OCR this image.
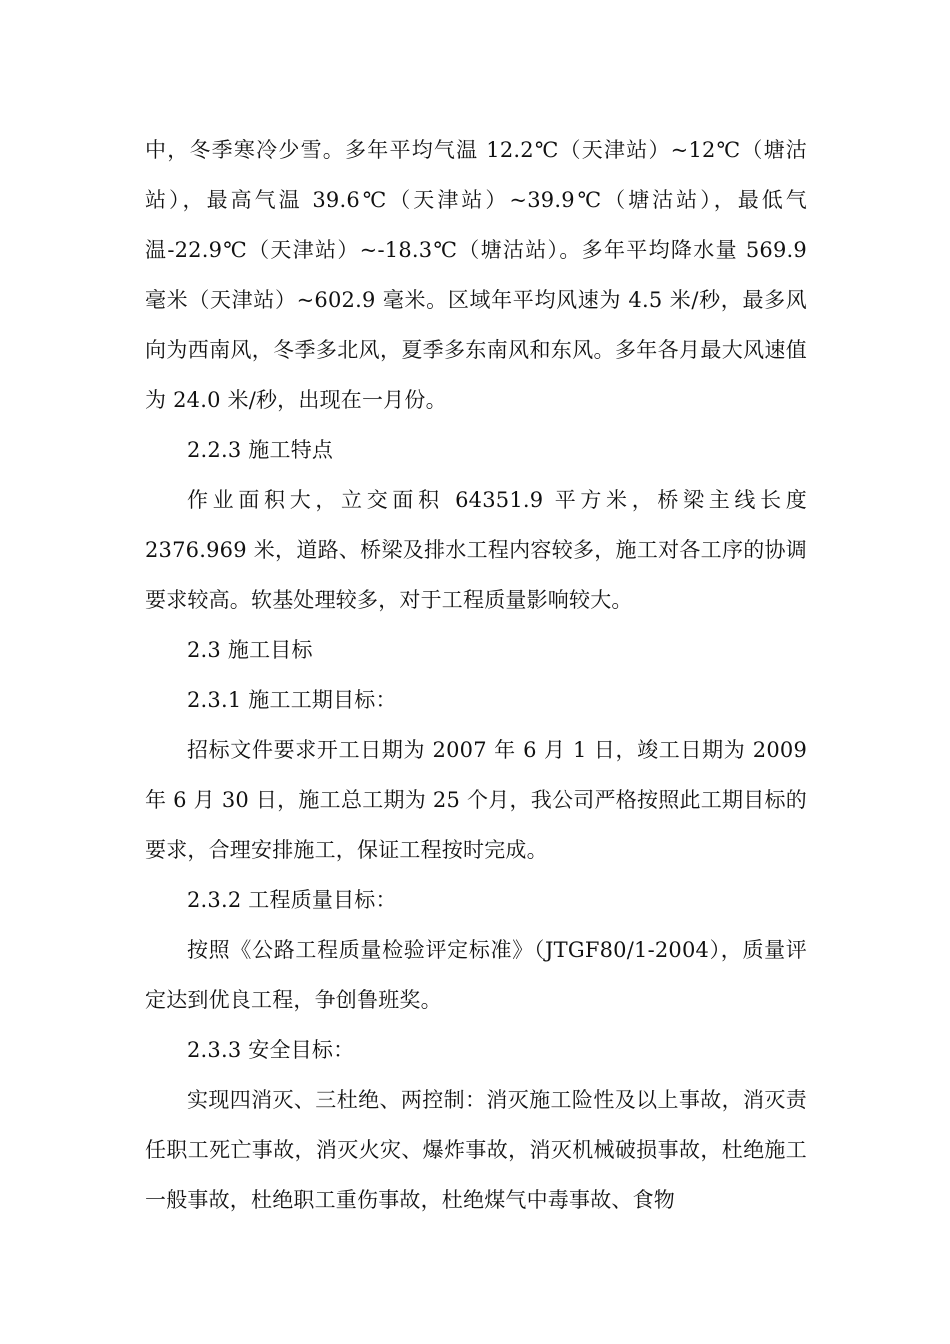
中，冬季寒冷少雪。多年平均气温 12.2℃（天津站）~12℃（塘沽站），最高气温 39.6℃（天津站）~39.9℃（塘沽站），最低气温-22.9℃（天津站）~-18.3℃（塘沽站）。多年平均降水量 569.9 毫米（天津站）~602.9 毫米。区域年平均风速为 4.5 米/秒，最多风向为西南风，冬季多北风，夏季多东南风和东风。多年各月最大风速值为 24.0 米/秒，出现在一月份。

2.2.3 施工特点

作业面积大，立交面积 64351.9 平方米，桥梁主线长度 2376.969 米，道路、桥梁及排水工程内容较多，施工对各工序的协调要求较高。软基处理较多，对于工程质量影响较大。

2.3 施工目标

2.3.1 施工工期目标：

招标文件要求开工日期为 2007 年 6 月 1 日，竣工日期为 2009 年 6 月 30 日，施工总工期为 25 个月，我公司严格按照此工期目标的要求，合理安排施工，保证工程按时完成。

2.3.2 工程质量目标：

按照《公路工程质量检验评定标准》（JTGF80/1-2004），质量评定达到优良工程，争创鲁班奖。

2.3.3 安全目标：

实现四消灭、三杜绝、两控制：消灭施工险性及以上事故，消灭责任职工死亡事故，消灭火灾、爆炸事故，消灭机械破损事故，杜绝施工一般事故，杜绝职工重伤事故，杜绝煤气中毒事故、食物
